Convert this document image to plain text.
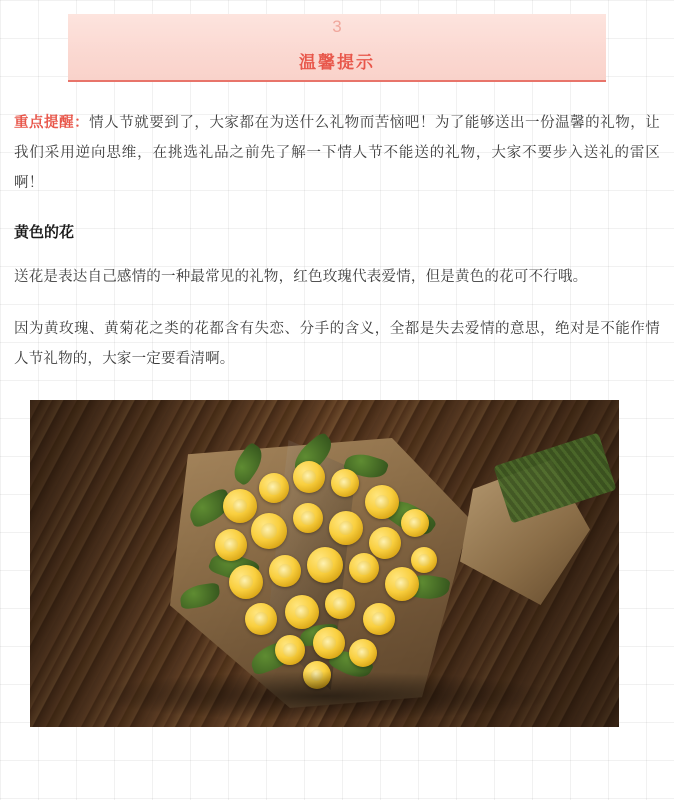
3
温馨提示

重点提醒：情人节就要到了，大家都在为送什么礼物而苦恼吧！为了能够送出一份温馨的礼物，让我们采用逆向思维，在挑选礼品之前先了解一下情人节不能送的礼物，大家不要步入送礼的雷区啊！

黄色的花

送花是表达自己感情的一种最常见的礼物，红色玫瑰代表爱情，但是黄色的花可不行哦。

因为黄玫瑰、黄菊花之类的花都含有失恋、分手的含义，全都是失去爱情的意思，绝对是不能作情人节礼物的，大家一定要看清啊。
